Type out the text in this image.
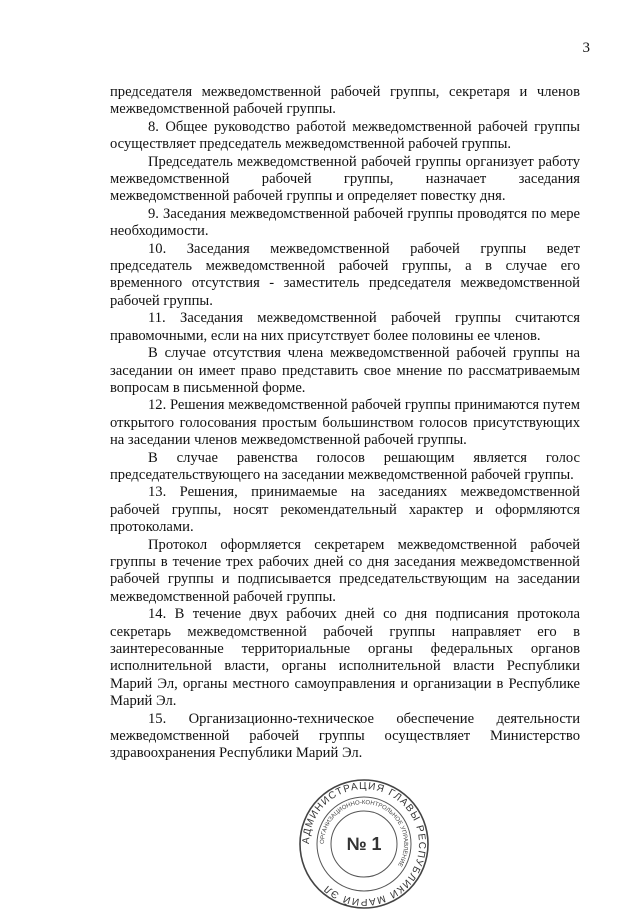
3

председателя межведомственной рабочей группы, секретаря и членов межведомственной рабочей группы.

8. Общее руководство работой межведомственной рабочей группы осуществляет председатель межведомственной рабочей группы.

Председатель межведомственной рабочей группы организует работу межведомственной рабочей группы, назначает заседания межведомственной рабочей группы и определяет повестку дня.

9. Заседания межведомственной рабочей группы проводятся по мере необходимости.

10. Заседания межведомственной рабочей группы ведет председатель межведомственной рабочей группы, а в случае его временного отсутствия - заместитель председателя межведомственной рабочей группы.

11. Заседания межведомственной рабочей группы считаются правомочными, если на них присутствует более половины ее членов.

В случае отсутствия члена межведомственной рабочей группы на заседании он имеет право представить свое мнение по рассматриваемым вопросам в письменной форме.

12. Решения межведомственной рабочей группы принимаются путем открытого голосования простым большинством голосов присутствующих на заседании членов межведомственной рабочей группы.

В случае равенства голосов решающим является голос председательствующего на заседании межведомственной рабочей группы.

13. Решения, принимаемые на заседаниях межведомственной рабочей группы, носят рекомендательный характер и оформляются протоколами.

Протокол оформляется секретарем межведомственной рабочей группы в течение трех рабочих дней со дня заседания межведомственной рабочей группы и подписывается председательствующим на заседании межведомственной рабочей группы.

14. В течение двух рабочих дней со дня подписания протокола секретарь межведомственной рабочей группы направляет его в заинтересованные территориальные органы федеральных органов исполнительной власти, органы исполнительной власти Республики Марий Эл, органы местного самоуправления и организации в Республике Марий Эл.

15. Организационно-техническое обеспечение деятельности межведомственной рабочей группы осуществляет Министерство здравоохранения Республики Марий Эл.

АДМИНИСТРАЦИЯ ГЛАВЫ РЕСПУБЛИКИ МАРИЙ ЭЛ
ОРГАНИЗАЦИОННО-КОНТРОЛЬНОЕ УПРАВЛЕНИЕ
№ 1
